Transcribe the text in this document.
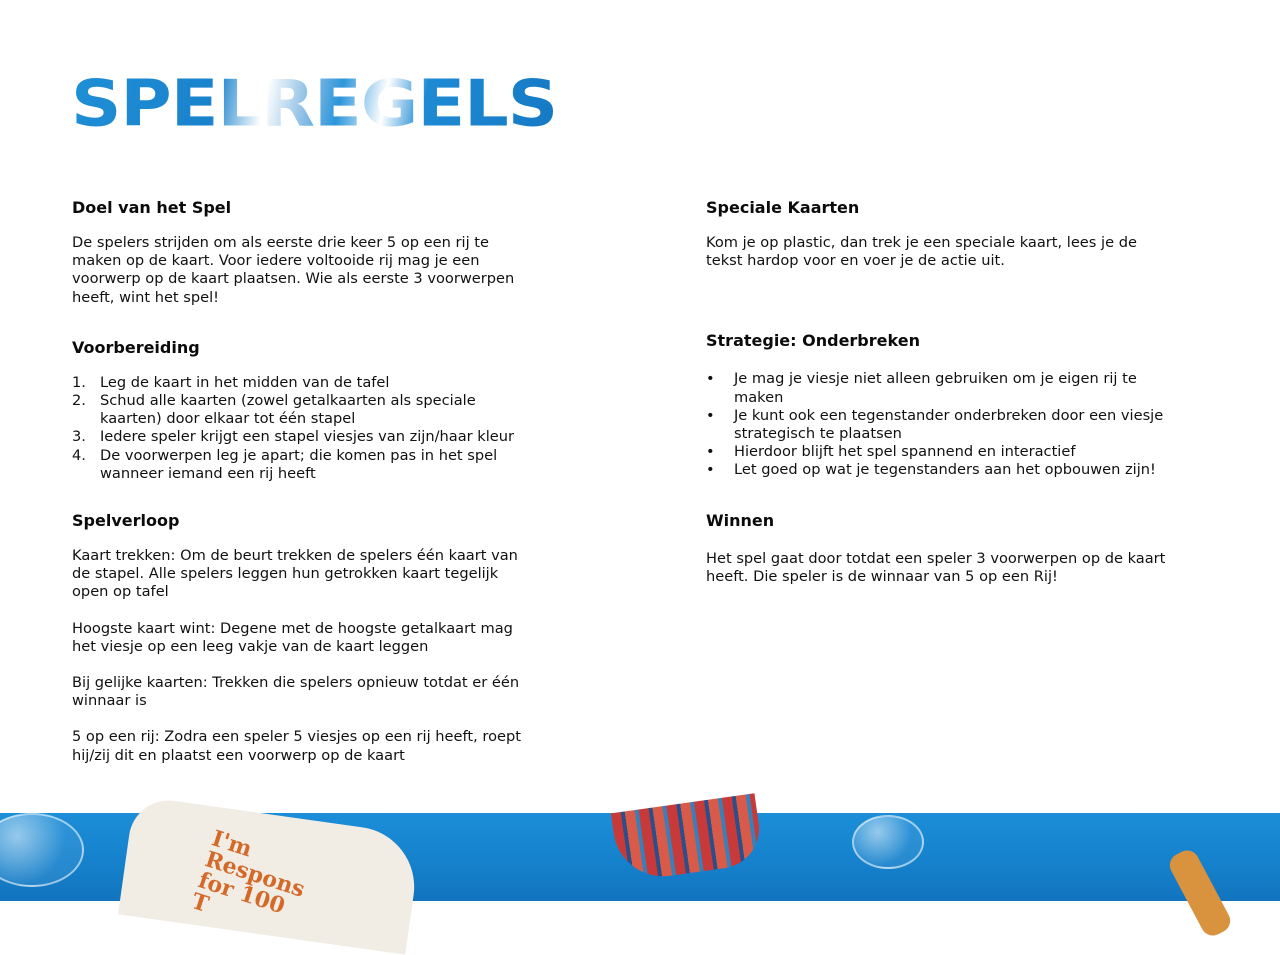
SPELREGELS
Doel van het Spel

De spelers strijden om als eerste drie keer 5 op een rij te maken op de kaart. Voor iedere voltooide rij mag je een voorwerp op de kaart plaatsen. Wie als eerste 3 voorwerpen heeft, wint het spel!

Voorbereiding
1. Leg de kaart in het midden van de tafel
2. Schud alle kaarten (zowel getalkaarten als speciale kaarten) door elkaar tot één stapel
3. Iedere speler krijgt een stapel viesjes van zijn/haar kleur
4. De voorwerpen leg je apart; die komen pas in het spel wanneer iemand een rij heeft
Spelverloop

Kaart trekken: Om de beurt trekken de spelers één kaart van de stapel. Alle spelers leggen hun getrokken kaart tegelijk open op tafel

Hoogste kaart wint: Degene met de hoogste getalkaart mag het viesje op een leeg vakje van de kaart leggen

Bij gelijke kaarten: Trekken die spelers opnieuw totdat er één winnaar is

5 op een rij: Zodra een speler 5 viesjes op een rij heeft, roept hij/zij dit en plaatst een voorwerp op de kaart

Speciale Kaarten

Kom je op plastic, dan trek je een speciale kaart, lees je de tekst hardop voor en voer je de actie uit.

Strategie: Onderbreken
• Je mag je viesje niet alleen gebruiken om je eigen rij te maken
• Je kunt ook een tegenstander onderbreken door een viesje strategisch te plaatsen
• Hierdoor blijft het spel spannend en interactief
• Let goed op wat je tegenstanders aan het opbouwen zijn!
Winnen

Het spel gaat door totdat een speler 3 voorwerpen op de kaart heeft. Die speler is de winnaar van 5 op een Rij!

I'm
Respons
for 100
T
